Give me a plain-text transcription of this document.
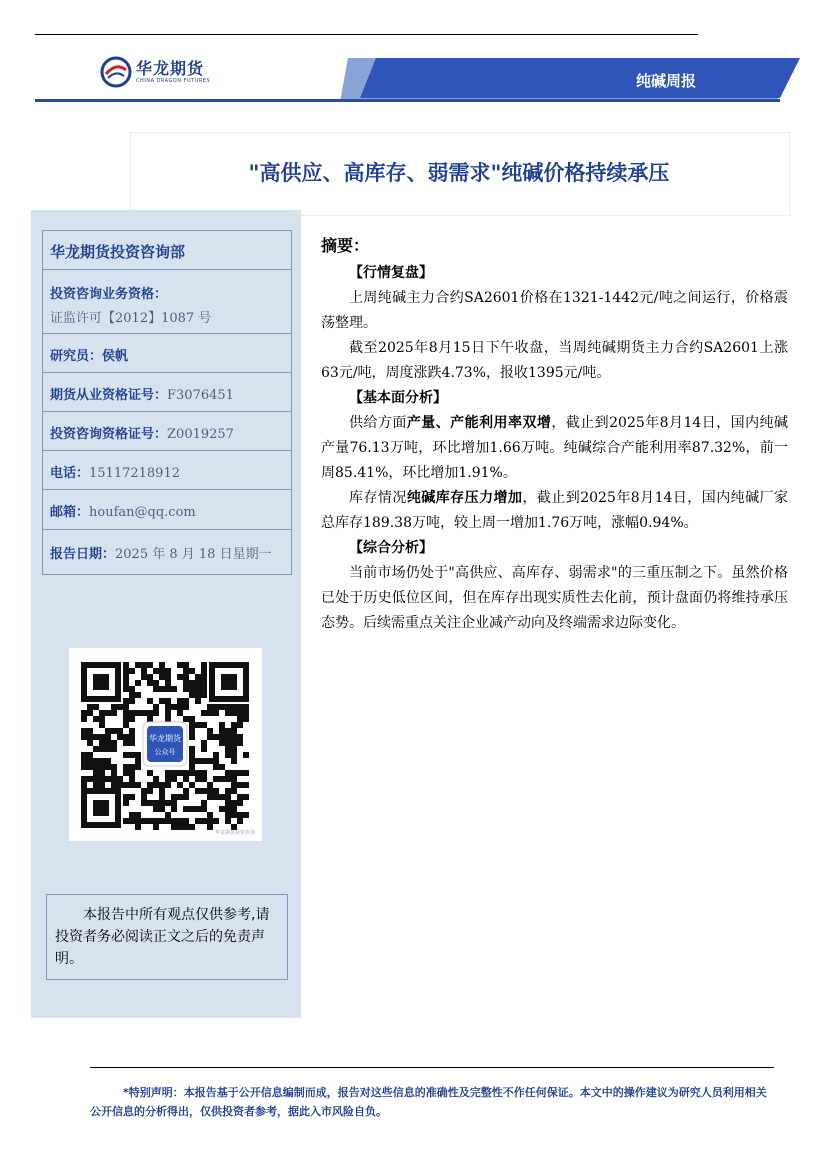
华龙期货
CHINA DRAGON FUTURES	纯碱周报
"高供应、高库存、弱需求"纯碱价格持续承压
华龙期货投资咨询部
投资咨询业务资格：
证监许可【2012】1087 号
研究员：侯帆
期货从业资格证号：F3076451
投资咨询资格证号：Z0019257
电话：15117218912
邮箱：houfan@qq.com
报告日期：2025 年 8 月 18 日星期一
华龙期货
公众号
华龙期货投资咨询
本报告中所有观点仅供参考,请投资者务必阅读正文之后的免责声明。
摘要：
【行情复盘】

上周纯碱主力合约SA2601价格在1321-1442元/吨之间运行，价格震荡整理。

截至2025年8月15日下午收盘，当周纯碱期货主力合约SA2601上涨63元/吨，周度涨跌4.73%，报收1395元/吨。

【基本面分析】

供给方面产量、产能利用率双增，截止到2025年8月14日，国内纯碱产量76.13万吨，环比增加1.66万吨。纯碱综合产能利用率87.32%，前一周85.41%，环比增加1.91%。

库存情况纯碱库存压力增加，截止到2025年8月14日，国内纯碱厂家总库存189.38万吨，较上周一增加1.76万吨，涨幅0.94%。

【综合分析】

当前市场仍处于"高供应、高库存、弱需求"的三重压制之下。虽然价格已处于历史低位区间，但在库存出现实质性去化前，预计盘面仍将维持承压态势。后续需重点关注企业减产动向及终端需求边际变化。

*特别声明：本报告基于公开信息编制而成，报告对这些信息的准确性及完整性不作任何保证。本文中的操作建议为研究人员利用相关公开信息的分析得出，仅供投资者参考，据此入市风险自负。
